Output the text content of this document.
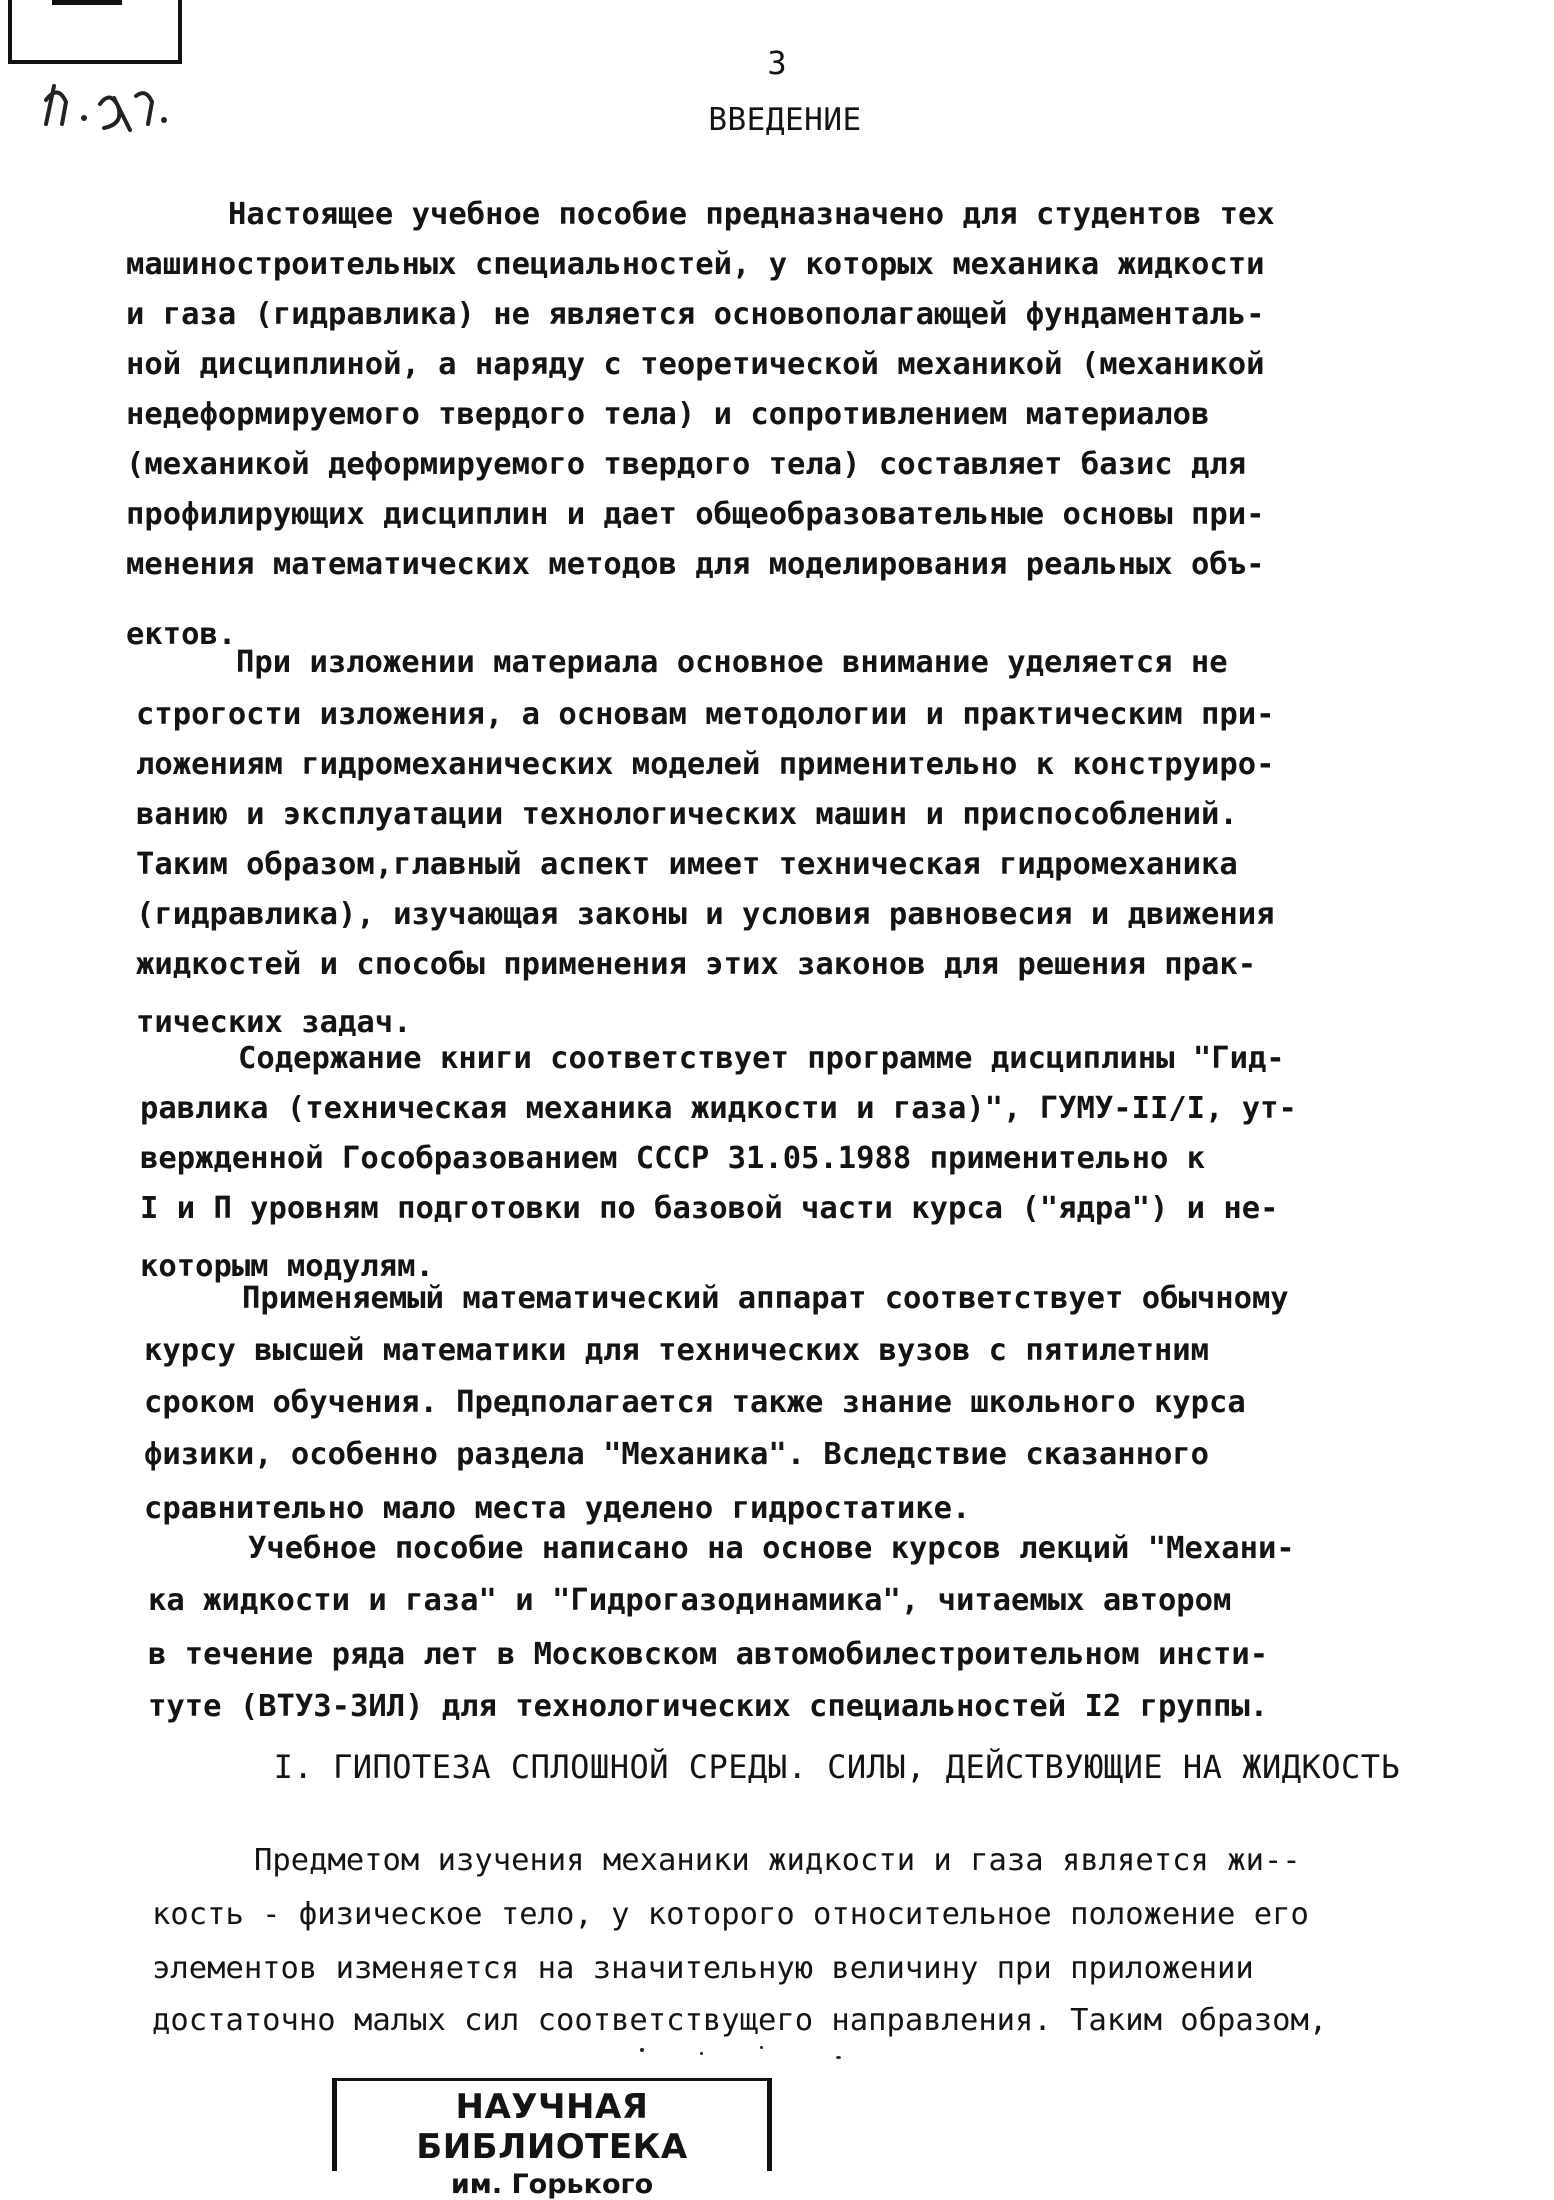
3
ВВЕДЕНИЕ
Настоящее учебное пособие предназначено для студентов тех
машиностроительных специальностей, у которых механика жидкости
и газа (гидравлика) не является основополагающей фундаменталь-
ной дисциплиной, а наряду с теоретической механикой (механикой
недеформируемого твердого тела) и сопротивлением материалов
(механикой деформируемого твердого тела) составляет базис для
профилирующих дисциплин и дает общеобразовательные основы при-
менения математических методов для моделирования реальных объ-
ектов.
При изложении материала основное внимание уделяется не
строгости изложения, а основам методологии и практическим при-
ложениям гидромеханических моделей применительно к конструиро-
ванию и эксплуатации технологических машин и приспособлений.
Таким образом,главный аспект имеет техническая гидромеханика
(гидравлика), изучающая законы и условия равновесия и движения
жидкостей и способы применения этих законов для решения прак-
тических задач.
Содержание книги соответствует программе дисциплины "Гид-
равлика (техническая механика жидкости и газа)", ГУМУ-II/I, ут-
вержденной Гособразованием СССР 31.05.1988 применительно к
I и П уровням подготовки по базовой части курса ("ядра") и не-
которым модулям.
Применяемый математический аппарат соответствует обычному
курсу высшей математики для технических вузов с пятилетним
сроком обучения. Предполагается также знание школьного курса
физики, особенно раздела "Механика". Вследствие сказанного
сравнительно мало места уделено гидростатике.
Учебное пособие написано на основе курсов лекций "Механи-
ка жидкости и газа" и "Гидрогазодинамика", читаемых автором
в течение ряда лет в Московском автомобилестроительном инсти-
туте (ВТУЗ-ЗИЛ) для технологических специальностей I2 группы.
I. ГИПОТЕЗА СПЛОШНОЙ СРЕДЫ. СИЛЫ, ДЕЙСТВУЮЩИЕ НА ЖИДКОСТЬ
Предметом изучения механики жидкости и газа является жи--
кость - физическое тело, у которого относительное положение его
элементов изменяется на значительную величину при приложении
достаточно малых сил соответствущего направления. Таким образом,
НАУЧНАЯ БИБЛИОТЕКА
им. Горького
